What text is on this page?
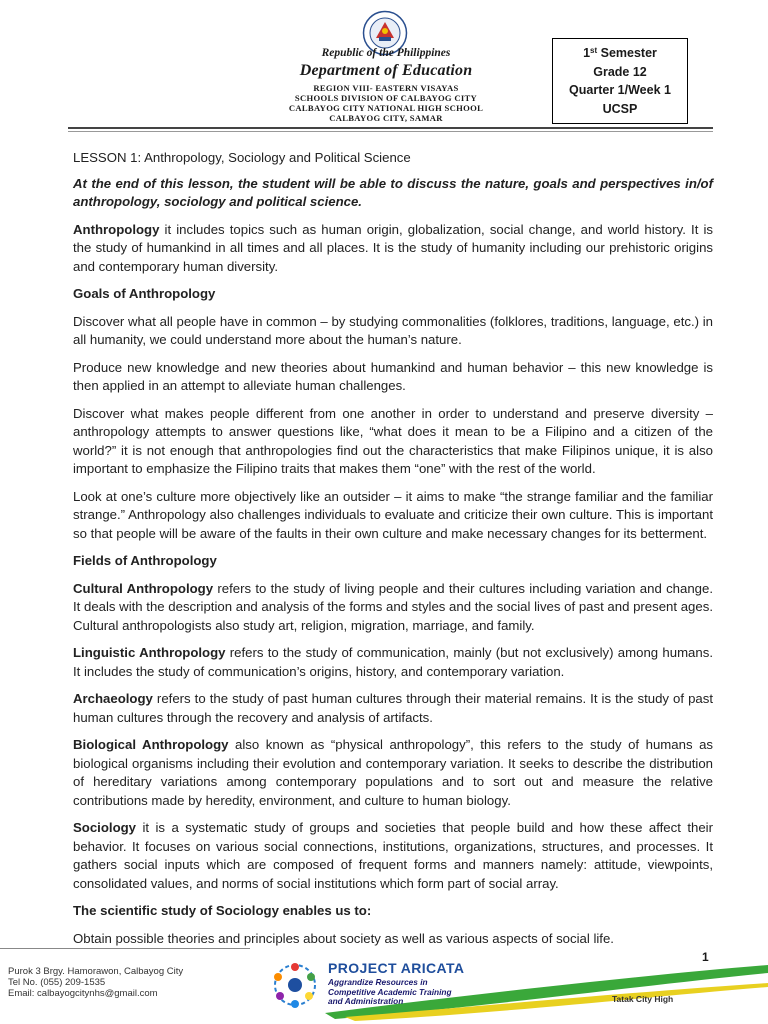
Republic of the Philippines
Department of Education
REGION VIII- EASTERN VISAYAS
SCHOOLS DIVISION OF CALBAYOG CITY
CALBAYOG CITY NATIONAL HIGH SCHOOL
CALBAYOG CITY, SAMAR
1st Semester
Grade 12
Quarter 1/Week 1
UCSP

LESSON 1: Anthropology, Sociology and Political Science

At the end of this lesson, the student will be able to discuss the nature, goals and perspectives in/of anthropology, sociology and political science.

Anthropology it includes topics such as human origin, globalization, social change, and world history. It is the study of humankind in all times and all places. It is the study of humanity including our prehistoric origins and contemporary human diversity.

Goals of Anthropology

Discover what all people have in common – by studying commonalities (folklores, traditions, language, etc.) in all humanity, we could understand more about the human’s nature.

Produce new knowledge and new theories about humankind and human behavior – this new knowledge is then applied in an attempt to alleviate human challenges.

Discover what makes people different from one another in order to understand and preserve diversity – anthropology attempts to answer questions like, “what does it mean to be a Filipino and a citizen of the world?” it is not enough that anthropologies find out the characteristics that make Filipinos unique, it is also important to emphasize the Filipino traits that makes them “one” with the rest of the world.

Look at one’s culture more objectively like an outsider – it aims to make “the strange familiar and the familiar strange.” Anthropology also challenges individuals to evaluate and criticize their own culture. This is important so that people will be aware of the faults in their own culture and make necessary changes for its betterment.

Fields of Anthropology

Cultural Anthropology refers to the study of living people and their cultures including variation and change. It deals with the description and analysis of the forms and styles and the social lives of past and present ages. Cultural anthropologists also study art, religion, migration, marriage, and family.

Linguistic Anthropology refers to the study of communication, mainly (but not exclusively) among humans. It includes the study of communication’s origins, history, and contemporary variation.

Archaeology refers to the study of past human cultures through their material remains. It is the study of past human cultures through the recovery and analysis of artifacts.

Biological Anthropology also known as “physical anthropology”, this refers to the study of humans as biological organisms including their evolution and contemporary variation. It seeks to describe the distribution of hereditary variations among contemporary populations and to sort out and measure the relative contributions made by heredity, environment, and culture to human biology.

Sociology it is a systematic study of groups and societies that people build and how these affect their behavior. It focuses on various social connections, institutions, organizations, structures, and processes. It gathers social inputs which are composed of frequent forms and manners namely: attitude, viewpoints, consolidated values, and norms of social institutions which form part of social array.

The scientific study of Sociology enables us to:

Obtain possible theories and principles about society as well as various aspects of social life.

1
Purok 3 Brgy. Hamorawon, Calbayog City
Tel No. (055) 209-1535
Email: calbayogcitynhs@gmail.com
PROJECT ARICATA
Aggrandize Resources in
Competitive Academic Training
and Administration	Tatak City High
